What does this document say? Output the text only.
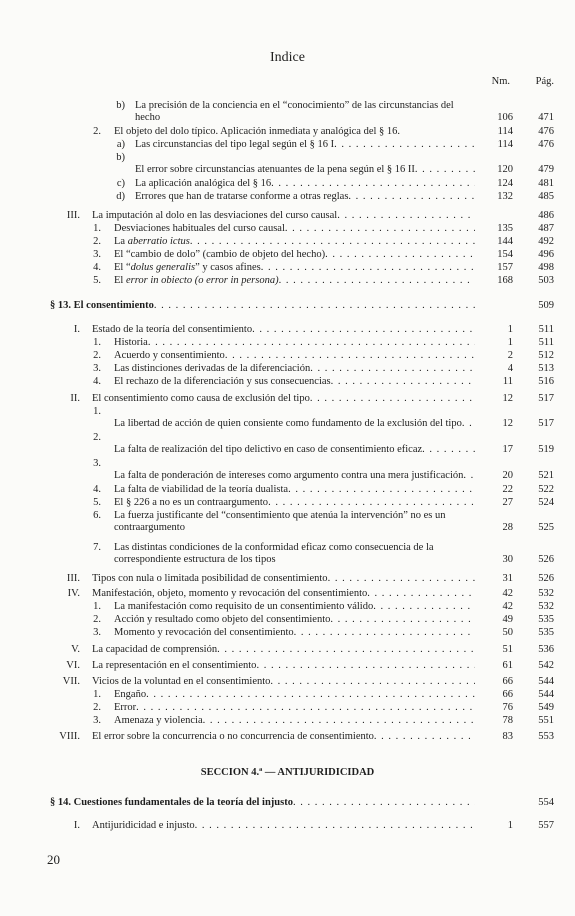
Indice
Nm. Pág.
b) La precisión de la conciencia en el “conocimiento” de las circunstancias del hecho	106 471
2. El objeto del dolo típico. Aplicación inmediata y analógica del § 16.	114 476
a) Las circunstancias del tipo legal según el § 16 I . . .	114 476
b)
El error sobre circunstancias atenuantes de la pena según el § 16 II . . .	120 479
c) La aplicación analógica del § 16 . . .	124 481
d) Errores que han de tratarse conforme a otras reglas . . .	132 485
III. La imputación al dolo en las desviaciones del curso causal . . .	486
1. Desviaciones habituales del curso causal . . .	135 487
2. La aberratio ictus . . .	144 492
3. El “cambio de dolo” (cambio de objeto del hecho) . . .	154 496
4. El “dolus generalis” y casos afines . . .	157 498
5. El error in obiecto (o error in persona) . . .	168 503
§ 13. El consentimiento . . .	509
I. Estado de la teoría del consentimiento . . .	1 511
1. Historia . . .	1 511
2. Acuerdo y consentimiento . . .	2 512
3. Las distinciones derivadas de la diferenciación . . .	4 513
4. El rechazo de la diferenciación y sus consecuencias . . .	11 516
II. El consentimiento como causa de exclusión del tipo . . .	12 517
1.
La libertad de acción de quien consiente como fundamento de la exclusión del tipo . . .	12 517
2.
La falta de realización del tipo delictivo en caso de consentimiento eficaz . . .	17 519
3.
La falta de ponderación de intereses como argumento contra una mera justificación . . .	20 521
4. La falta de viabilidad de la teoría dualista . . .	22 522
5. El § 226 a no es un contraargumento . . .	27 524
6. La fuerza justificante del “consentimiento que atenúa la intervención” no es un contraargumento	28 525
7. Las distintas condiciones de la conformidad eficaz como consecuencia de la correspondiente estructura de los tipos	30 526
III. Tipos con nula o limitada posibilidad de consentimiento . . .	31 526
IV. Manifestación, objeto, momento y revocación del consentimiento . . .	42 532
1. La manifestación como requisito de un consentimiento válido . . .	42 532
2. Acción y resultado como objeto del consentimiento . . .	49 535
3. Momento y revocación del consentimiento . . .	50 535
V. La capacidad de comprensión . . .	51 536
VI. La representación en el consentimiento . . .	61 542
VII. Vicios de la voluntad en el consentimiento . . .	66 544
1. Engaño . . .	66 544
2. Error . . .	76 549
3. Amenaza y violencia . . .	78 551
VIII. El error sobre la concurrencia o no concurrencia de consentimiento . . .	83 553
SECCION 4.ª — ANTIJURIDICIDAD
§ 14. Cuestiones fundamentales de la teoría del injusto . . .	554
I. Antijuridicidad e injusto . . .	1 557
20
